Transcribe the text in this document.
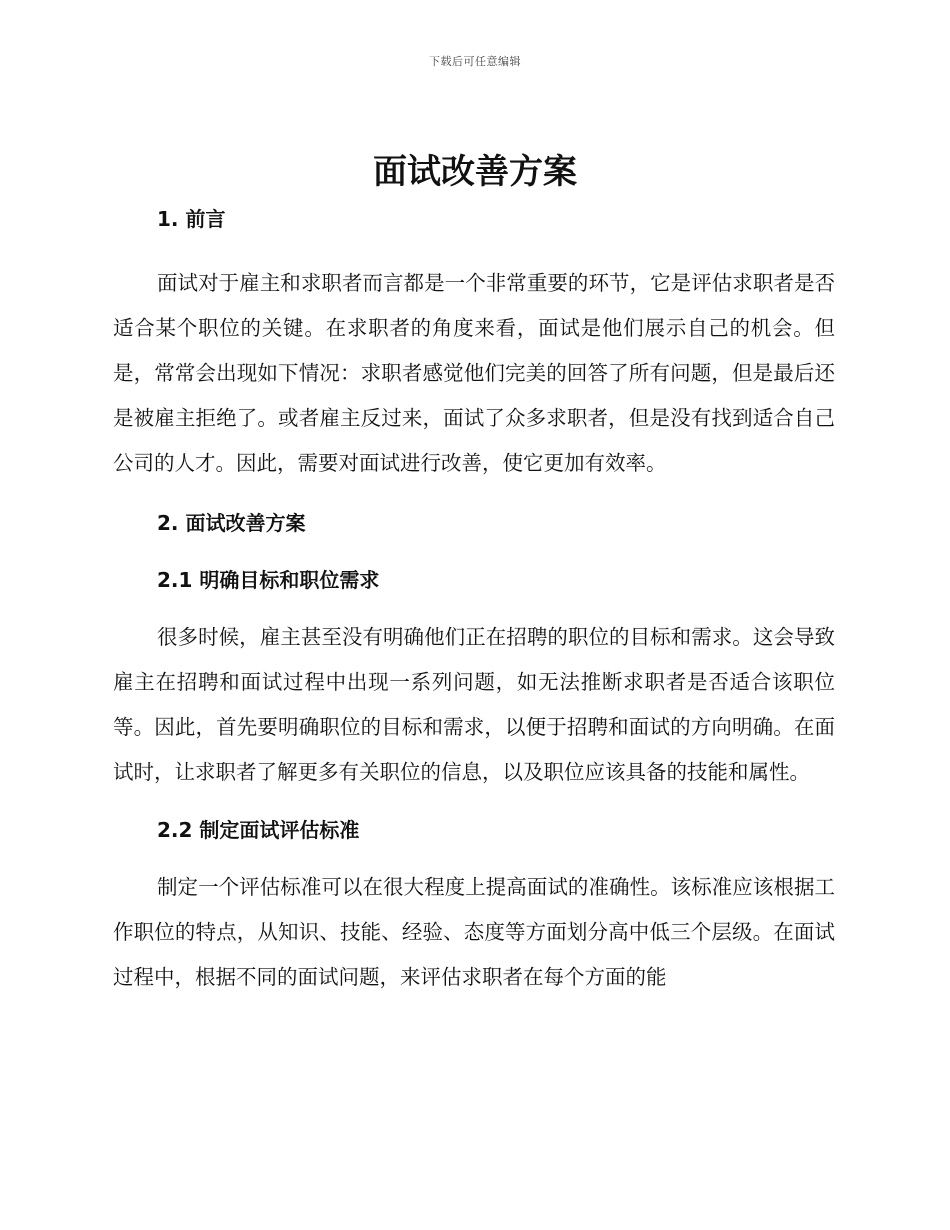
下载后可任意编辑
面试改善方案
1. 前言

面试对于雇主和求职者而言都是一个非常重要的环节，它是评估求职者是否适合某个职位的关键。在求职者的角度来看，面试是他们展示自己的机会。但是，常常会出现如下情况：求职者感觉他们完美的回答了所有问题，但是最后还是被雇主拒绝了。或者雇主反过来，面试了众多求职者，但是没有找到适合自己公司的人才。因此，需要对面试进行改善，使它更加有效率。

2. 面试改善方案
2.1 明确目标和职位需求

很多时候，雇主甚至没有明确他们正在招聘的职位的目标和需求。这会导致雇主在招聘和面试过程中出现一系列问题，如无法推断求职者是否适合该职位等。因此，首先要明确职位的目标和需求，以便于招聘和面试的方向明确。在面试时，让求职者了解更多有关职位的信息，以及职位应该具备的技能和属性。

2.2 制定面试评估标准

制定一个评估标准可以在很大程度上提高面试的准确性。该标准应该根据工作职位的特点，从知识、技能、经验、态度等方面划分高中低三个层级。在面试过程中，根据不同的面试问题，来评估求职者在每个方面的能
